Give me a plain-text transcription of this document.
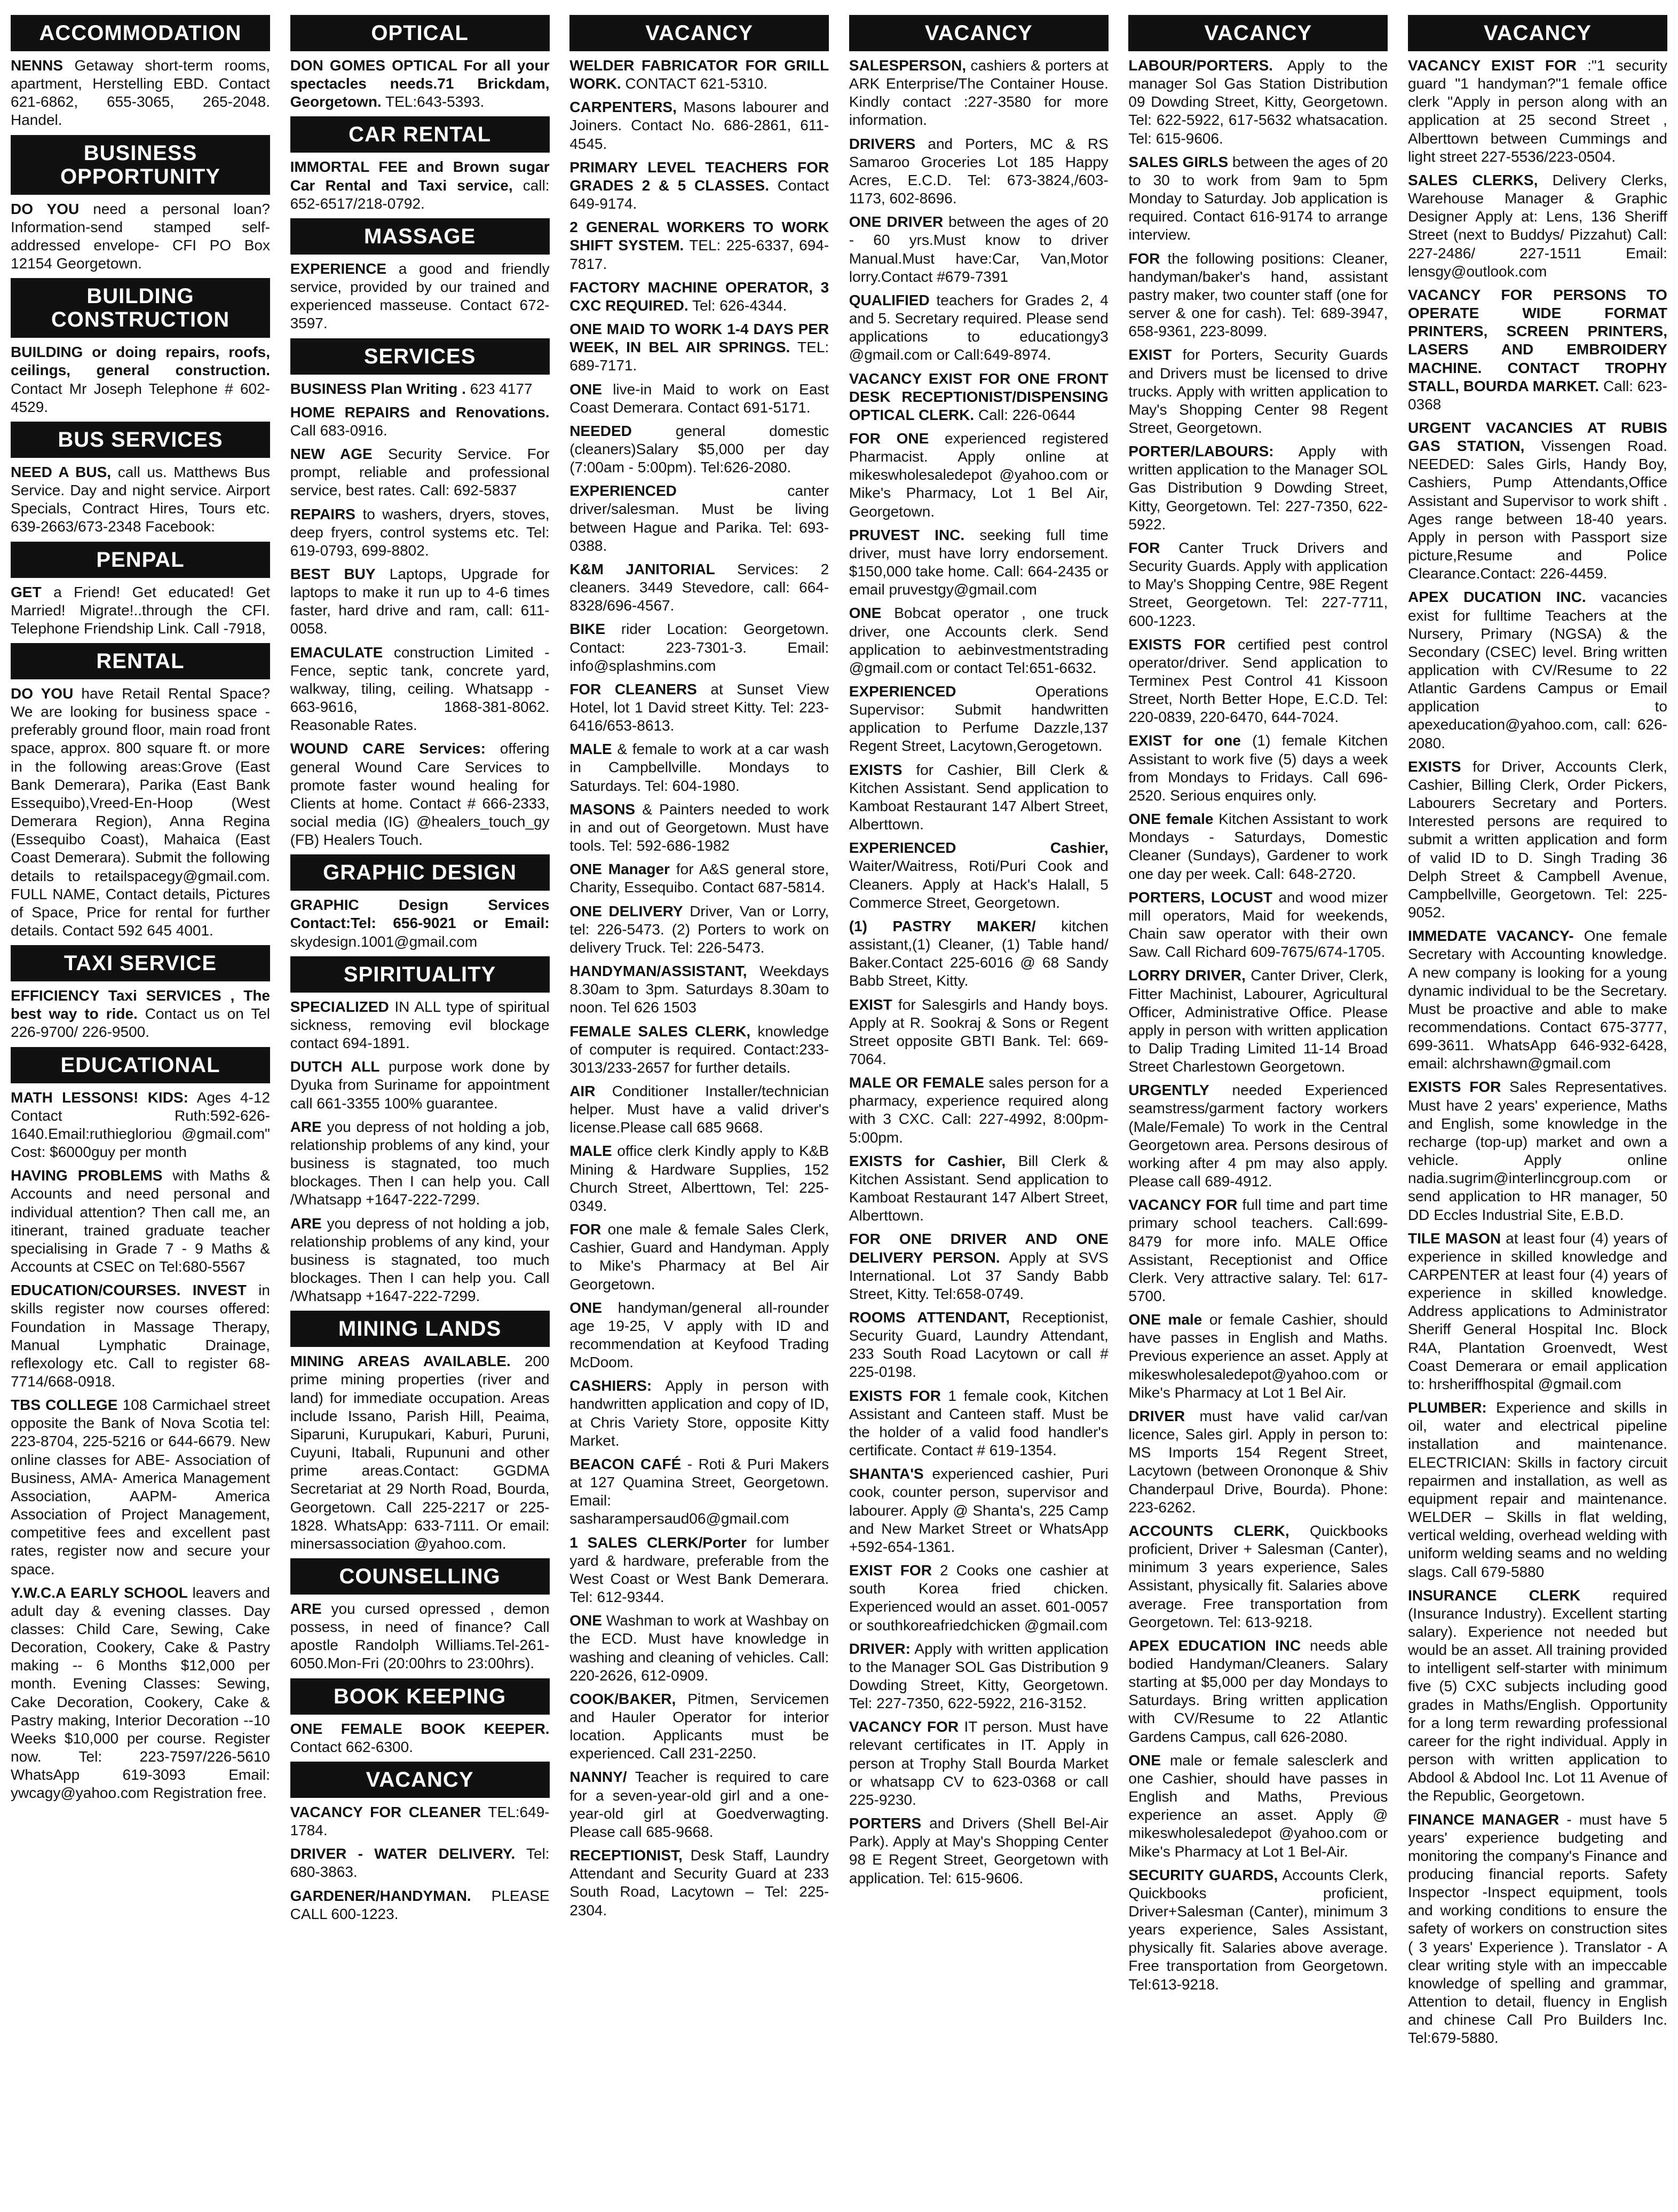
ACCOMMODATION
NENNS Getaway short-term rooms, apartment, Herstelling EBD. Contact 621-6862, 655-3065, 265-2048. Handel.
BUSINESS OPPORTUNITY
DO YOU need a personal loan? Information-send stamped self-addressed envelope- CFI PO Box 12154 Georgetown.
BUILDING CONSTRUCTION
BUILDING or doing repairs, roofs, ceilings, general construction. Contact Mr Joseph Telephone # 602-4529.
BUS SERVICES
NEED A BUS, call us. Matthews Bus Service. Day and night service. Airport Specials, Contract Hires, Tours etc. 639-2663/673-2348 Facebook:
PENPAL
GET a Friend! Get educated! Get Married! Migrate!..through the CFI. Telephone Friendship Link. Call -7918,
RENTAL
DO YOU have Retail Rental Space? We are looking for business space - preferably ground floor, main road front space, approx. 800 square ft. or more in the following areas:Grove (East Bank Demerara), Parika (East Bank Essequibo),Vreed-En-Hoop (West Demerara Region), Anna Regina (Essequibo Coast), Mahaica (East Coast Demerara). Submit the following details to retailspacegy@gmail.com. FULL NAME, Contact details, Pictures of Space, Price for rental for further details. Contact 592 645 4001.
TAXI SERVICE
EFFICIENCY Taxi SERVICES , The best way to ride. Contact us on Tel 226-9700/ 226-9500.
EDUCATIONAL
MATH LESSONS! KIDS: Ages 4-12 Contact Ruth:592-626-1640.Email:ruthiegloriou @gmail.com" Cost: $6000guy per month
HAVING PROBLEMS with Maths & Accounts and need personal and individual attention? Then call me, an itinerant, trained graduate teacher specialising in Grade 7 - 9 Maths & Accounts at CSEC on Tel:680-5567
EDUCATION/COURSES. INVEST in skills register now courses offered: Foundation in Massage Therapy, Manual Lymphatic Drainage, reflexology etc. Call to register 68-7714/668-0918.
TBS COLLEGE 108 Carmichael street opposite the Bank of Nova Scotia tel: 223-8704, 225-5216 or 644-6679. New online classes for ABE- Association of Business, AMA- America Management Association, AAPM- America Association of Project Management, competitive fees and excellent past rates, register now and secure your space.
Y.W.C.A EARLY SCHOOL leavers and adult day & evening classes. Day classes: Child Care, Sewing, Cake Decoration, Cookery, Cake & Pastry making -- 6 Months $12,000 per month. Evening Classes: Sewing, Cake Decoration, Cookery, Cake & Pastry making, Interior Decoration --10 Weeks $10,000 per course. Register now. Tel: 223-7597/226-5610 WhatsApp 619-3093 Email: ywcagy@yahoo.com Registration free.
OPTICAL
DON GOMES OPTICAL For all your spectacles needs.71 Brickdam, Georgetown. TEL:643-5393.
CAR RENTAL
IMMORTAL FEE and Brown sugar Car Rental and Taxi service, call: 652-6517/218-0792.
MASSAGE
EXPERIENCE a good and friendly service, provided by our trained and experienced masseuse. Contact 672-3597.
SERVICES
BUSINESS Plan Writing . 623 4177
HOME REPAIRS and Renovations. Call 683-0916.
NEW AGE Security Service. For prompt, reliable and professional service, best rates. Call: 692-5837
REPAIRS to washers, dryers, stoves, deep fryers, control systems etc. Tel: 619-0793, 699-8802.
BEST BUY Laptops, Upgrade for laptops to make it run up to 4-6 times faster, hard drive and ram, call: 611-0058.
EMACULATE construction Limited - Fence, septic tank, concrete yard, walkway, tiling, ceiling. Whatsapp - 663-9616, 1868-381-8062. Reasonable Rates.
WOUND CARE Services: offering general Wound Care Services to promote faster wound healing for Clients at home. Contact # 666-2333, social media (IG) @healers_touch_gy (FB) Healers Touch.
GRAPHIC DESIGN
GRAPHIC Design Services Contact:Tel: 656-9021 or Email: skydesign.1001@gmail.com
SPIRITUALITY
SPECIALIZED IN ALL type of spiritual sickness, removing evil blockage contact 694-1891.
DUTCH ALL purpose work done by Dyuka from Suriname for appointment call 661-3355 100% guarantee.
ARE you depress of not holding a job, relationship problems of any kind, your business is stagnated, too much blockages. Then I can help you. Call /Whatsapp +1647-222-7299.
ARE you depress of not holding a job, relationship problems of any kind, your business is stagnated, too much blockages. Then I can help you. Call /Whatsapp +1647-222-7299.
MINING LANDS
MINING AREAS AVAILABLE. 200 prime mining properties (river and land) for immediate occupation. Areas include Issano, Parish Hill, Peaima, Siparuni, Kurupukari, Kaburi, Puruni, Cuyuni, Itabali, Rupununi and other prime areas.Contact: GGDMA Secretariat at 29 North Road, Bourda, Georgetown. Call 225-2217 or 225-1828. WhatsApp: 633-7111. Or email: minersassociation @yahoo.com.
COUNSELLING
ARE you cursed opressed , demon possess, in need of finance? Call apostle Randolph Williams.Tel-261-6050.Mon-Fri (20:00hrs to 23:00hrs).
BOOK KEEPING
ONE FEMALE BOOK KEEPER. Contact 662-6300.
VACANCY
VACANCY FOR CLEANER TEL:649-1784.
DRIVER - WATER DELIVERY. Tel: 680-3863.
GARDENER/HANDYMAN. PLEASE CALL 600-1223.
VACANCY
WELDER FABRICATOR FOR GRILL WORK. CONTACT 621-5310.
CARPENTERS, Masons labourer and Joiners. Contact No. 686-2861, 611-4545.
PRIMARY LEVEL TEACHERS FOR GRADES 2 & 5 CLASSES. Contact 649-9174.
2 GENERAL WORKERS TO WORK SHIFT SYSTEM. TEL: 225-6337, 694-7817.
FACTORY MACHINE OPERATOR, 3 CXC REQUIRED. Tel: 626-4344.
ONE MAID TO WORK 1-4 DAYS PER WEEK, IN BEL AIR SPRINGS. TEL: 689-7171.
ONE live-in Maid to work on East Coast Demerara. Contact 691-5171.
NEEDED	general domestic (cleaners)Salary $5,000 per day (7:00am - 5:00pm). Tel:626-2080.
EXPERIENCED	canter driver/salesman. Must be living between Hague and Parika. Tel: 693-0388.
K&M JANITORIAL Services: 2 cleaners. 3449 Stevedore, call: 664-8328/696-4567.
BIKE rider Location: Georgetown. Contact: 223-7301-3. Email: info@splashmins.com
FOR CLEANERS at Sunset View Hotel, lot 1 David street Kitty. Tel: 223-6416/653-8613.
MALE & female to work at a car wash in Campbellville. Mondays to Saturdays. Tel: 604-1980.
MASONS & Painters needed to work in and out of Georgetown. Must have tools. Tel: 592-686-1982
ONE Manager for A&S general store, Charity, Essequibo. Contact 687-5814.
ONE DELIVERY Driver, Van or Lorry, tel: 226-5473. (2) Porters to work on delivery Truck. Tel: 226-5473.
HANDYMAN/ASSISTANT, Weekdays 8.30am to 3pm. Saturdays 8.30am to noon. Tel 626 1503
FEMALE SALES CLERK, knowledge of computer is required. Contact:233-3013/233-2657 for further details.
AIR Conditioner Installer/technician helper. Must have a valid driver's license.Please call 685 9668.
MALE office clerk Kindly apply to K&B Mining & Hardware Supplies, 152 Church Street, Alberttown, Tel: 225-0349.
FOR one male & female Sales Clerk, Cashier, Guard and Handyman. Apply to Mike's Pharmacy at Bel Air Georgetown.
ONE handyman/general all-rounder age 19-25, V apply with ID and recommendation at Keyfood Trading McDoom.
CASHIERS: Apply in person with handwritten application and copy of ID, at Chris Variety Store, opposite Kitty Market.
BEACON CAFÉ - Roti & Puri Makers at 127 Quamina Street, Georgetown. Email: sasharampersaud06@gmail.com
1 SALES CLERK/Porter for lumber yard & hardware, preferable from the West Coast or West Bank Demerara. Tel: 612-9344.
ONE Washman to work at Washbay on the ECD. Must have knowledge in washing and cleaning of vehicles. Call: 220-2626, 612-0909.
COOK/BAKER, Pitmen, Servicemen and Hauler Operator for interior location. Applicants must be experienced. Call 231-2250.
NANNY/ Teacher is required to care for a seven-year-old girl and a one-year-old girl at Goedverwagting. Please call 685-9668.
RECEPTIONIST, Desk Staff, Laundry Attendant and Security Guard at 233 South Road, Lacytown – Tel: 225-2304.
VACANCY
SALESPERSON, cashiers & porters at ARK Enterprise/The Container House. Kindly contact :227-3580 for more information.
DRIVERS and Porters, MC & RS Samaroo Groceries Lot 185 Happy Acres, E.C.D. Tel: 673-3824,/603-1173, 602-8696.
ONE DRIVER between the ages of 20 - 60 yrs.Must know to driver Manual.Must have:Car, Van,Motor lorry.Contact #679-7391
QUALIFIED teachers for Grades 2, 4 and 5. Secretary required. Please send applications to educationgy3 @gmail.com or Call:649-8974.
VACANCY EXIST FOR ONE FRONT DESK RECEPTIONIST/DISPENSING OPTICAL CLERK. Call: 226-0644
FOR ONE experienced registered Pharmacist. Apply online at mikeswholesaledepot @yahoo.com or Mike's Pharmacy, Lot 1 Bel Air, Georgetown.
PRUVEST INC. seeking full time driver, must have lorry endorsement. $150,000 take home. Call: 664-2435 or email pruvestgy@gmail.com
ONE Bobcat operator , one truck driver, one Accounts clerk. Send application to aebinvestmentstrading @gmail.com or contact Tel:651-6632.
EXPERIENCED	Operations Supervisor: Submit handwritten application to Perfume Dazzle,137 Regent Street, Lacytown,Gerogetown.
EXISTS for Cashier, Bill Clerk & Kitchen Assistant. Send application to Kamboat Restaurant 147 Albert Street, Alberttown.
EXPERIENCED Cashier, Waiter/Waitress, Roti/Puri Cook and Cleaners. Apply at Hack's Halall, 5 Commerce Street, Georgetown.
(1) PASTRY MAKER/ kitchen assistant,(1) Cleaner, (1) Table hand/ Baker.Contact 225-6016 @ 68 Sandy Babb Street, Kitty.
EXIST for Salesgirls and Handy boys. Apply at R. Sookraj & Sons or Regent Street opposite GBTI Bank. Tel: 669-7064.
MALE OR FEMALE sales person for a pharmacy, experience required along with 3 CXC. Call: 227-4992, 8:00pm-5:00pm.
EXISTS for Cashier, Bill Clerk & Kitchen Assistant. Send application to Kamboat Restaurant 147 Albert Street, Alberttown.
FOR ONE DRIVER AND ONE DELIVERY PERSON. Apply at SVS International. Lot 37 Sandy Babb Street, Kitty. Tel:658-0749.
ROOMS ATTENDANT, Receptionist, Security Guard, Laundry Attendant, 233 South Road Lacytown or call # 225-0198.
EXISTS FOR 1 female cook, Kitchen Assistant and Canteen staff. Must be the holder of a valid food handler's certificate. Contact # 619-1354.
SHANTA'S experienced cashier, Puri cook, counter person, supervisor and labourer. Apply @ Shanta's, 225 Camp and New Market Street or WhatsApp +592-654-1361.
EXIST FOR 2 Cooks one cashier at south Korea fried chicken. Experienced would an asset. 601-0057 or southkoreafriedchicken @gmail.com
DRIVER: Apply with written application to the Manager SOL Gas Distribution 9 Dowding Street, Kitty, Georgetown. Tel: 227-7350, 622-5922, 216-3152.
VACANCY FOR IT person. Must have relevant certificates in IT. Apply in person at Trophy Stall Bourda Market or whatsapp CV to 623-0368 or call 225-9230.
PORTERS and Drivers (Shell Bel-Air Park). Apply at May's Shopping Center 98 E Regent Street, Georgetown with application. Tel: 615-9606.
VACANCY
LABOUR/PORTERS. Apply to the manager Sol Gas Station Distribution 09 Dowding Street, Kitty, Georgetown. Tel: 622-5922, 617-5632 whatsacation. Tel: 615-9606.
SALES GIRLS between the ages of 20 to 30 to work from 9am to 5pm Monday to Saturday. Job application is required. Contact 616-9174 to arrange interview.
FOR the following positions: Cleaner, handyman/baker's hand, assistant pastry maker, two counter staff (one for server & one for cash). Tel: 689-3947, 658-9361, 223-8099.
EXIST for Porters, Security Guards and Drivers must be licensed to drive trucks. Apply with written application to May's Shopping Center 98 Regent Street, Georgetown.
PORTER/LABOURS: Apply with written application to the Manager SOL Gas Distribution 9 Dowding Street, Kitty, Georgetown. Tel: 227-7350, 622-5922.
FOR Canter Truck Drivers and Security Guards. Apply with application to May's Shopping Centre, 98E Regent Street, Georgetown. Tel: 227-7711, 600-1223.
EXISTS FOR certified pest control operator/driver. Send application to Terminex Pest Control 41 Kissoon Street, North Better Hope, E.C.D. Tel: 220-0839, 220-6470, 644-7024.
EXIST for one (1) female Kitchen Assistant to work five (5) days a week from Mondays to Fridays. Call 696-2520. Serious enquires only.
ONE female Kitchen Assistant to work Mondays - Saturdays, Domestic Cleaner (Sundays), Gardener to work one day per week. Call: 648-2720.
PORTERS, LOCUST and wood mizer mill operators, Maid for weekends, Chain saw operator with their own Saw. Call Richard 609-7675/674-1705.
LORRY DRIVER, Canter Driver, Clerk, Fitter Machinist, Labourer, Agricultural Officer, Administrative Office. Please apply in person with written application to Dalip Trading Limited 11-14 Broad Street Charlestown Georgetown.
URGENTLY needed Experienced seamstress/garment factory workers (Male/Female) To work in the Central Georgetown area. Persons desirous of working after 4 pm may also apply. Please call 689-4912.
VACANCY FOR full time and part time primary school teachers. Call:699-8479 for more info. MALE Office Assistant, Receptionist and Office Clerk. Very attractive salary. Tel: 617-5700.
ONE male or female Cashier, should have passes in English and Maths. Previous experience an asset. Apply at mikeswholesaledepot@yahoo.com or Mike's Pharmacy at Lot 1 Bel Air.
DRIVER must have valid car/van licence, Sales girl. Apply in person to: MS Imports 154 Regent Street, Lacytown (between Orononque & Shiv Chanderpaul Drive, Bourda). Phone: 223-6262.
ACCOUNTS CLERK, Quickbooks proficient, Driver + Salesman (Canter), minimum 3 years experience, Sales Assistant, physically fit. Salaries above average. Free transportation from Georgetown. Tel: 613-9218.
APEX EDUCATION INC needs able bodied Handyman/Cleaners. Salary starting at $5,000 per day Mondays to Saturdays. Bring written application with CV/Resume to 22 Atlantic Gardens Campus, call 626-2080.
ONE male or female salesclerk and one Cashier, should have passes in English and Maths, Previous experience an asset. Apply @ mikeswholesaledepot @yahoo.com or Mike's Pharmacy at Lot 1 Bel-Air.
SECURITY GUARDS, Accounts Clerk, Quickbooks proficient, Driver+Salesman (Canter), minimum 3 years experience, Sales Assistant, physically fit. Salaries above average. Free transportation from Georgetown. Tel:613-9218.
VACANCY
VACANCY EXIST FOR :"1 security guard "1 handyman?"1 female office clerk "Apply in person along with an application at 25 second Street , Alberttown between Cummings and light street 227-5536/223-0504.
SALES CLERKS, Delivery Clerks, Warehouse Manager & Graphic Designer Apply at: Lens, 136 Sheriff Street (next to Buddys/ Pizzahut) Call: 227-2486/ 227-1511 Email: lensgy@outlook.com
VACANCY FOR PERSONS TO OPERATE WIDE FORMAT PRINTERS, SCREEN PRINTERS, LASERS AND EMBROIDERY MACHINE. CONTACT TROPHY STALL, BOURDA MARKET. Call: 623-0368
URGENT VACANCIES AT RUBIS GAS STATION, Vissengen Road. NEEDED: Sales Girls, Handy Boy, Cashiers, Pump Attendants,Office Assistant and Supervisor to work shift . Ages range between 18-40 years. Apply in person with Passport size picture,Resume and Police Clearance.Contact: 226-4459.
APEX DUCATION INC. vacancies exist for fulltime Teachers at the Nursery, Primary (NGSA) & the Secondary (CSEC) level. Bring written application with CV/Resume to 22 Atlantic Gardens Campus or Email application to apexeducation@yahoo.com, call: 626-2080.
EXISTS for Driver, Accounts Clerk, Cashier, Billing Clerk, Order Pickers, Labourers Secretary and Porters. Interested persons are required to submit a written application and form of valid ID to D. Singh Trading 36 Delph Street & Campbell Avenue, Campbellville, Georgetown. Tel: 225-9052.
IMMEDATE VACANCY- One female Secretary with Accounting knowledge. A new company is looking for a young dynamic individual to be the Secretary. Must be proactive and able to make recommendations. Contact 675-3777, 699-3611. WhatsApp 646-932-6428, email: alchrshawn@gmail.com
EXISTS FOR Sales Representatives. Must have 2 years' experience, Maths and English, some knowledge in the recharge (top-up) market and own a vehicle. Apply online nadia.sugrim@interlincgroup.com or send application to HR manager, 50 DD Eccles Industrial Site, E.B.D.
TILE MASON at least four (4) years of experience in skilled knowledge and CARPENTER at least four (4) years of experience in skilled knowledge. Address applications to Administrator Sheriff General Hospital Inc. Block R4A, Plantation Groenvedt, West Coast Demerara or email application to: hrsheriffhospital @gmail.com
PLUMBER: Experience and skills in oil, water and electrical pipeline installation and maintenance. ELECTRICIAN: Skills in factory circuit repairmen and installation, as well as equipment repair and maintenance. WELDER – Skills in flat welding, vertical welding, overhead welding with uniform welding seams and no welding slags. Call 679-5880
INSURANCE CLERK required (Insurance Industry). Excellent starting salary). Experience not needed but would be an asset. All training provided to intelligent self-starter with minimum five (5) CXC subjects including good grades in Maths/English. Opportunity for a long term rewarding professional career for the right individual. Apply in person with written application to Abdool & Abdool Inc. Lot 11 Avenue of the Republic, Georgetown.
FINANCE MANAGER - must have 5 years' experience budgeting and monitoring the company's Finance and producing financial reports. Safety Inspector -Inspect equipment, tools and working conditions to ensure the safety of workers on construction sites ( 3 years' Experience ). Translator - A clear writing style with an impeccable knowledge of spelling and grammar, Attention to detail, fluency in English and chinese Call Pro Builders Inc. Tel:679-5880.
